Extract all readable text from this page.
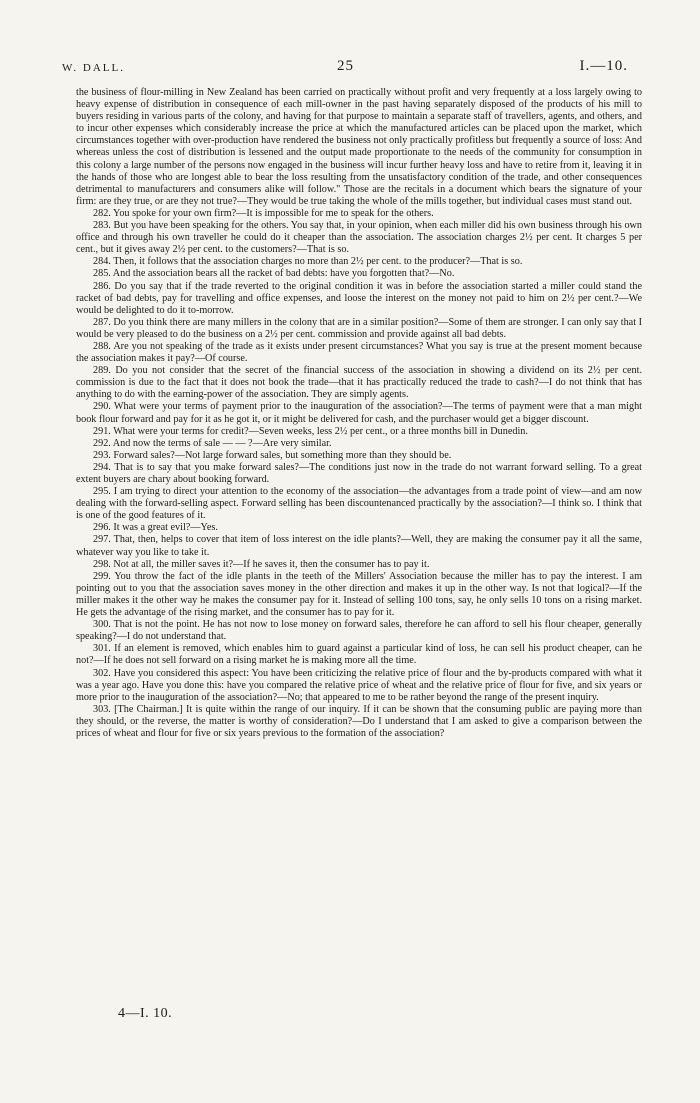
W. DALL.	25	I.—10.

the business of flour-milling in New Zealand has been carried on practically without profit and very frequently at a loss largely owing to heavy expense of distribution in consequence of each mill-owner in the past having separately disposed of the products of his mill to buyers residing in various parts of the colony, and having for that purpose to maintain a separate staff of travellers, agents, and others, and to incur other expenses which considerably increase the price at which the manufactured articles can be placed upon the market, which circumstances together with over-production have rendered the business not only practically profitless but frequently a source of loss: And whereas unless the cost of distribution is lessened and the output made proportionate to the needs of the community for consumption in this colony a large number of the persons now engaged in the business will incur further heavy loss and have to retire from it, leaving it in the hands of those who are longest able to bear the loss resulting from the unsatisfactory condition of the trade, and other consequences detrimental to manufacturers and consumers alike will follow." Those are the recitals in a document which bears the signature of your firm: are they true, or are they not true?—They would be true taking the whole of the mills together, but individual cases must stand out.

282. You spoke for your own firm?—It is impossible for me to speak for the others.

283. But you have been speaking for the others. You say that, in your opinion, when each miller did his own business through his own office and through his own traveller he could do it cheaper than the association. The association charges 2½ per cent. It charges 5 per cent., but it gives away 2½ per cent. to the customers?—That is so.

284. Then, it follows that the association charges no more than 2½ per cent. to the producer?—That is so.

285. And the association bears all the racket of bad debts: have you forgotten that?—No.

286. Do you say that if the trade reverted to the original condition it was in before the association started a miller could stand the racket of bad debts, pay for travelling and office expenses, and loose the interest on the money not paid to him on 2½ per cent.?—We would be delighted to do it to-morrow.

287. Do you think there are many millers in the colony that are in a similar position?—Some of them are stronger. I can only say that I would be very pleased to do the business on a 2½ per cent. commission and provide against all bad debts.

288. Are you not speaking of the trade as it exists under present circumstances? What you say is true at the present moment because the association makes it pay?—Of course.

289. Do you not consider that the secret of the financial success of the association in showing a dividend on its 2½ per cent. commission is due to the fact that it does not book the trade—that it has practically reduced the trade to cash?—I do not think that has anything to do with the earning-power of the association. They are simply agents.

290. What were your terms of payment prior to the inauguration of the association?—The terms of payment were that a man might book flour forward and pay for it as he got it, or it might be delivered for cash, and the purchaser would get a bigger discount.

291. What were your terms for credit?—Seven weeks, less 2½ per cent., or a three months bill in Dunedin.

292. And now the terms of sale — — ?—Are very similar.

293. Forward sales?—Not large forward sales, but something more than they should be.

294. That is to say that you make forward sales?—The conditions just now in the trade do not warrant forward selling. To a great extent buyers are chary about booking forward.

295. I am trying to direct your attention to the economy of the association—the advantages from a trade point of view—and am now dealing with the forward-selling aspect. Forward selling has been discountenanced practically by the association?—I think so. I think that is one of the good features of it.

296. It was a great evil?—Yes.

297. That, then, helps to cover that item of loss interest on the idle plants?—Well, they are making the consumer pay it all the same, whatever way you like to take it.

298. Not at all, the miller saves it?—If he saves it, then the consumer has to pay it.

299. You throw the fact of the idle plants in the teeth of the Millers' Association because the miller has to pay the interest. I am pointing out to you that the association saves money in the other direction and makes it up in the other way. Is not that logical?—If the miller makes it the other way he makes the consumer pay for it. Instead of selling 100 tons, say, he only sells 10 tons on a rising market. He gets the advantage of the rising market, and the consumer has to pay for it.

300. That is not the point. He has not now to lose money on forward sales, therefore he can afford to sell his flour cheaper, generally speaking?—I do not understand that.

301. If an element is removed, which enables him to guard against a particular kind of loss, he can sell his product cheaper, can he not?—If he does not sell forward on a rising market he is making more all the time.

302. Have you considered this aspect: You have been criticizing the relative price of flour and the by-products compared with what it was a year ago. Have you done this: have you compared the relative price of wheat and the relative price of flour for five, and six years or more prior to the inauguration of the association?—No; that appeared to me to be rather beyond the range of the present inquiry.

303. [The Chairman.] It is quite within the range of our inquiry. If it can be shown that the consuming public are paying more than they should, or the reverse, the matter is worthy of consideration?—Do I understand that I am asked to give a comparison between the prices of wheat and flour for five or six years previous to the formation of the association?

4—I. 10.
